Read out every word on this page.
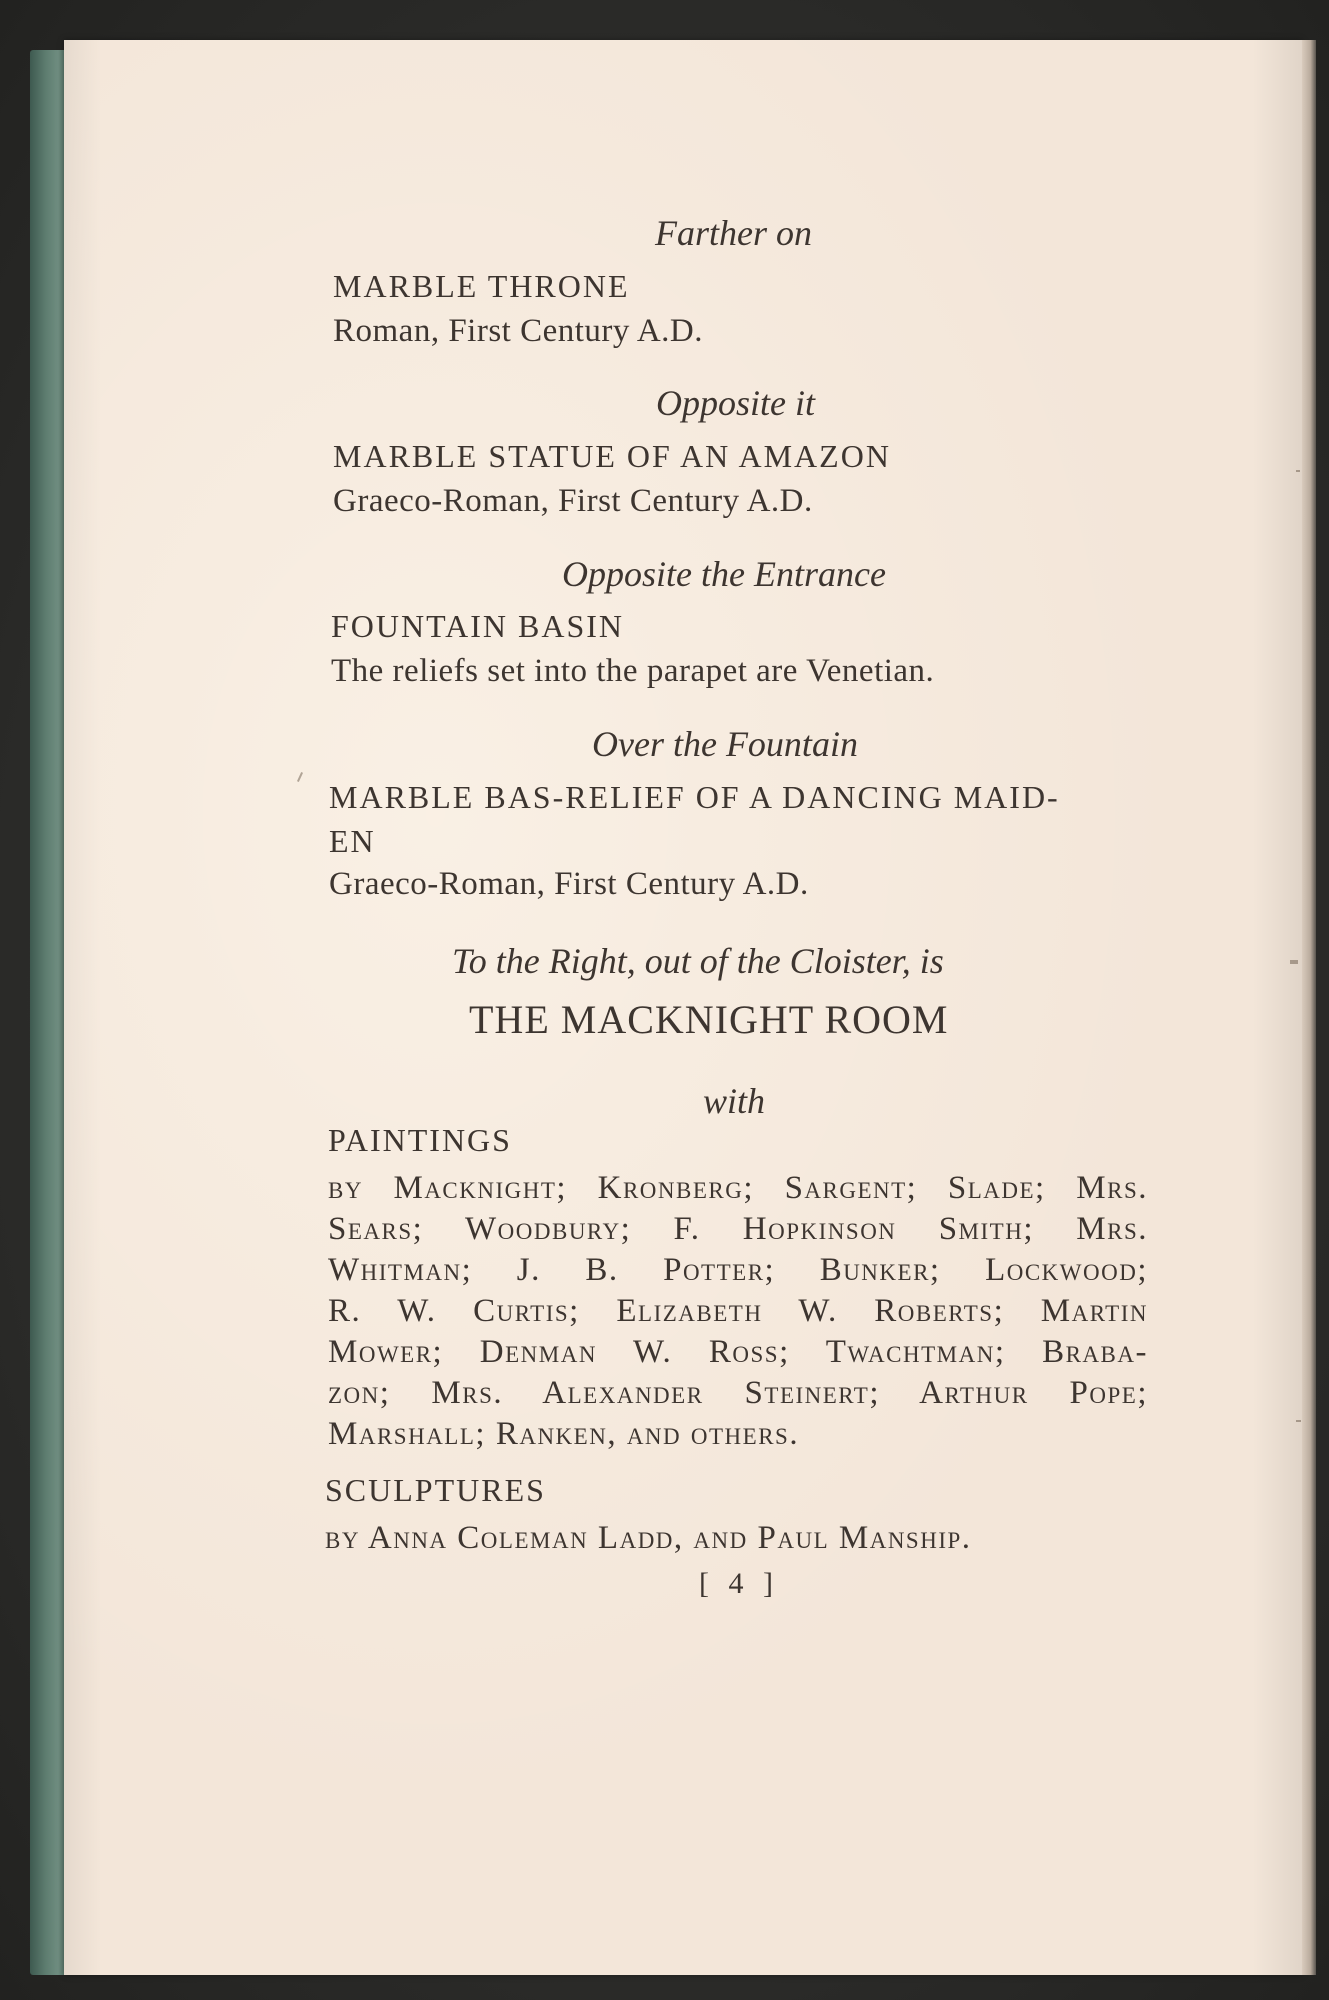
Farther on
MARBLE THRONE
Roman, First Century A.D.
Opposite it
MARBLE STATUE OF AN AMAZON
Graeco-Roman, First Century A.D.
Opposite the Entrance
FOUNTAIN BASIN
The reliefs set into the parapet are Venetian.
Over the Fountain
MARBLE BAS-RELIEF OF A DANCING MAID-
EN
Graeco-Roman, First Century A.D.
To the Right, out of the Cloister, is
THE MACKNIGHT ROOM
with
PAINTINGS
by Macknight; Kronberg; Sargent; Slade; Mrs.
Sears; Woodbury; F. Hopkinson Smith; Mrs.
Whitman; J. B. Potter; Bunker; Lockwood;
R. W. Curtis; Elizabeth W. Roberts; Martin
Mower; Denman W. Ross; Twachtman; Braba-
zon; Mrs. Alexander Steinert; Arthur Pope;
Marshall; Ranken, and others.
SCULPTURES
by Anna Coleman Ladd, and Paul Manship.
[ 4 ]
